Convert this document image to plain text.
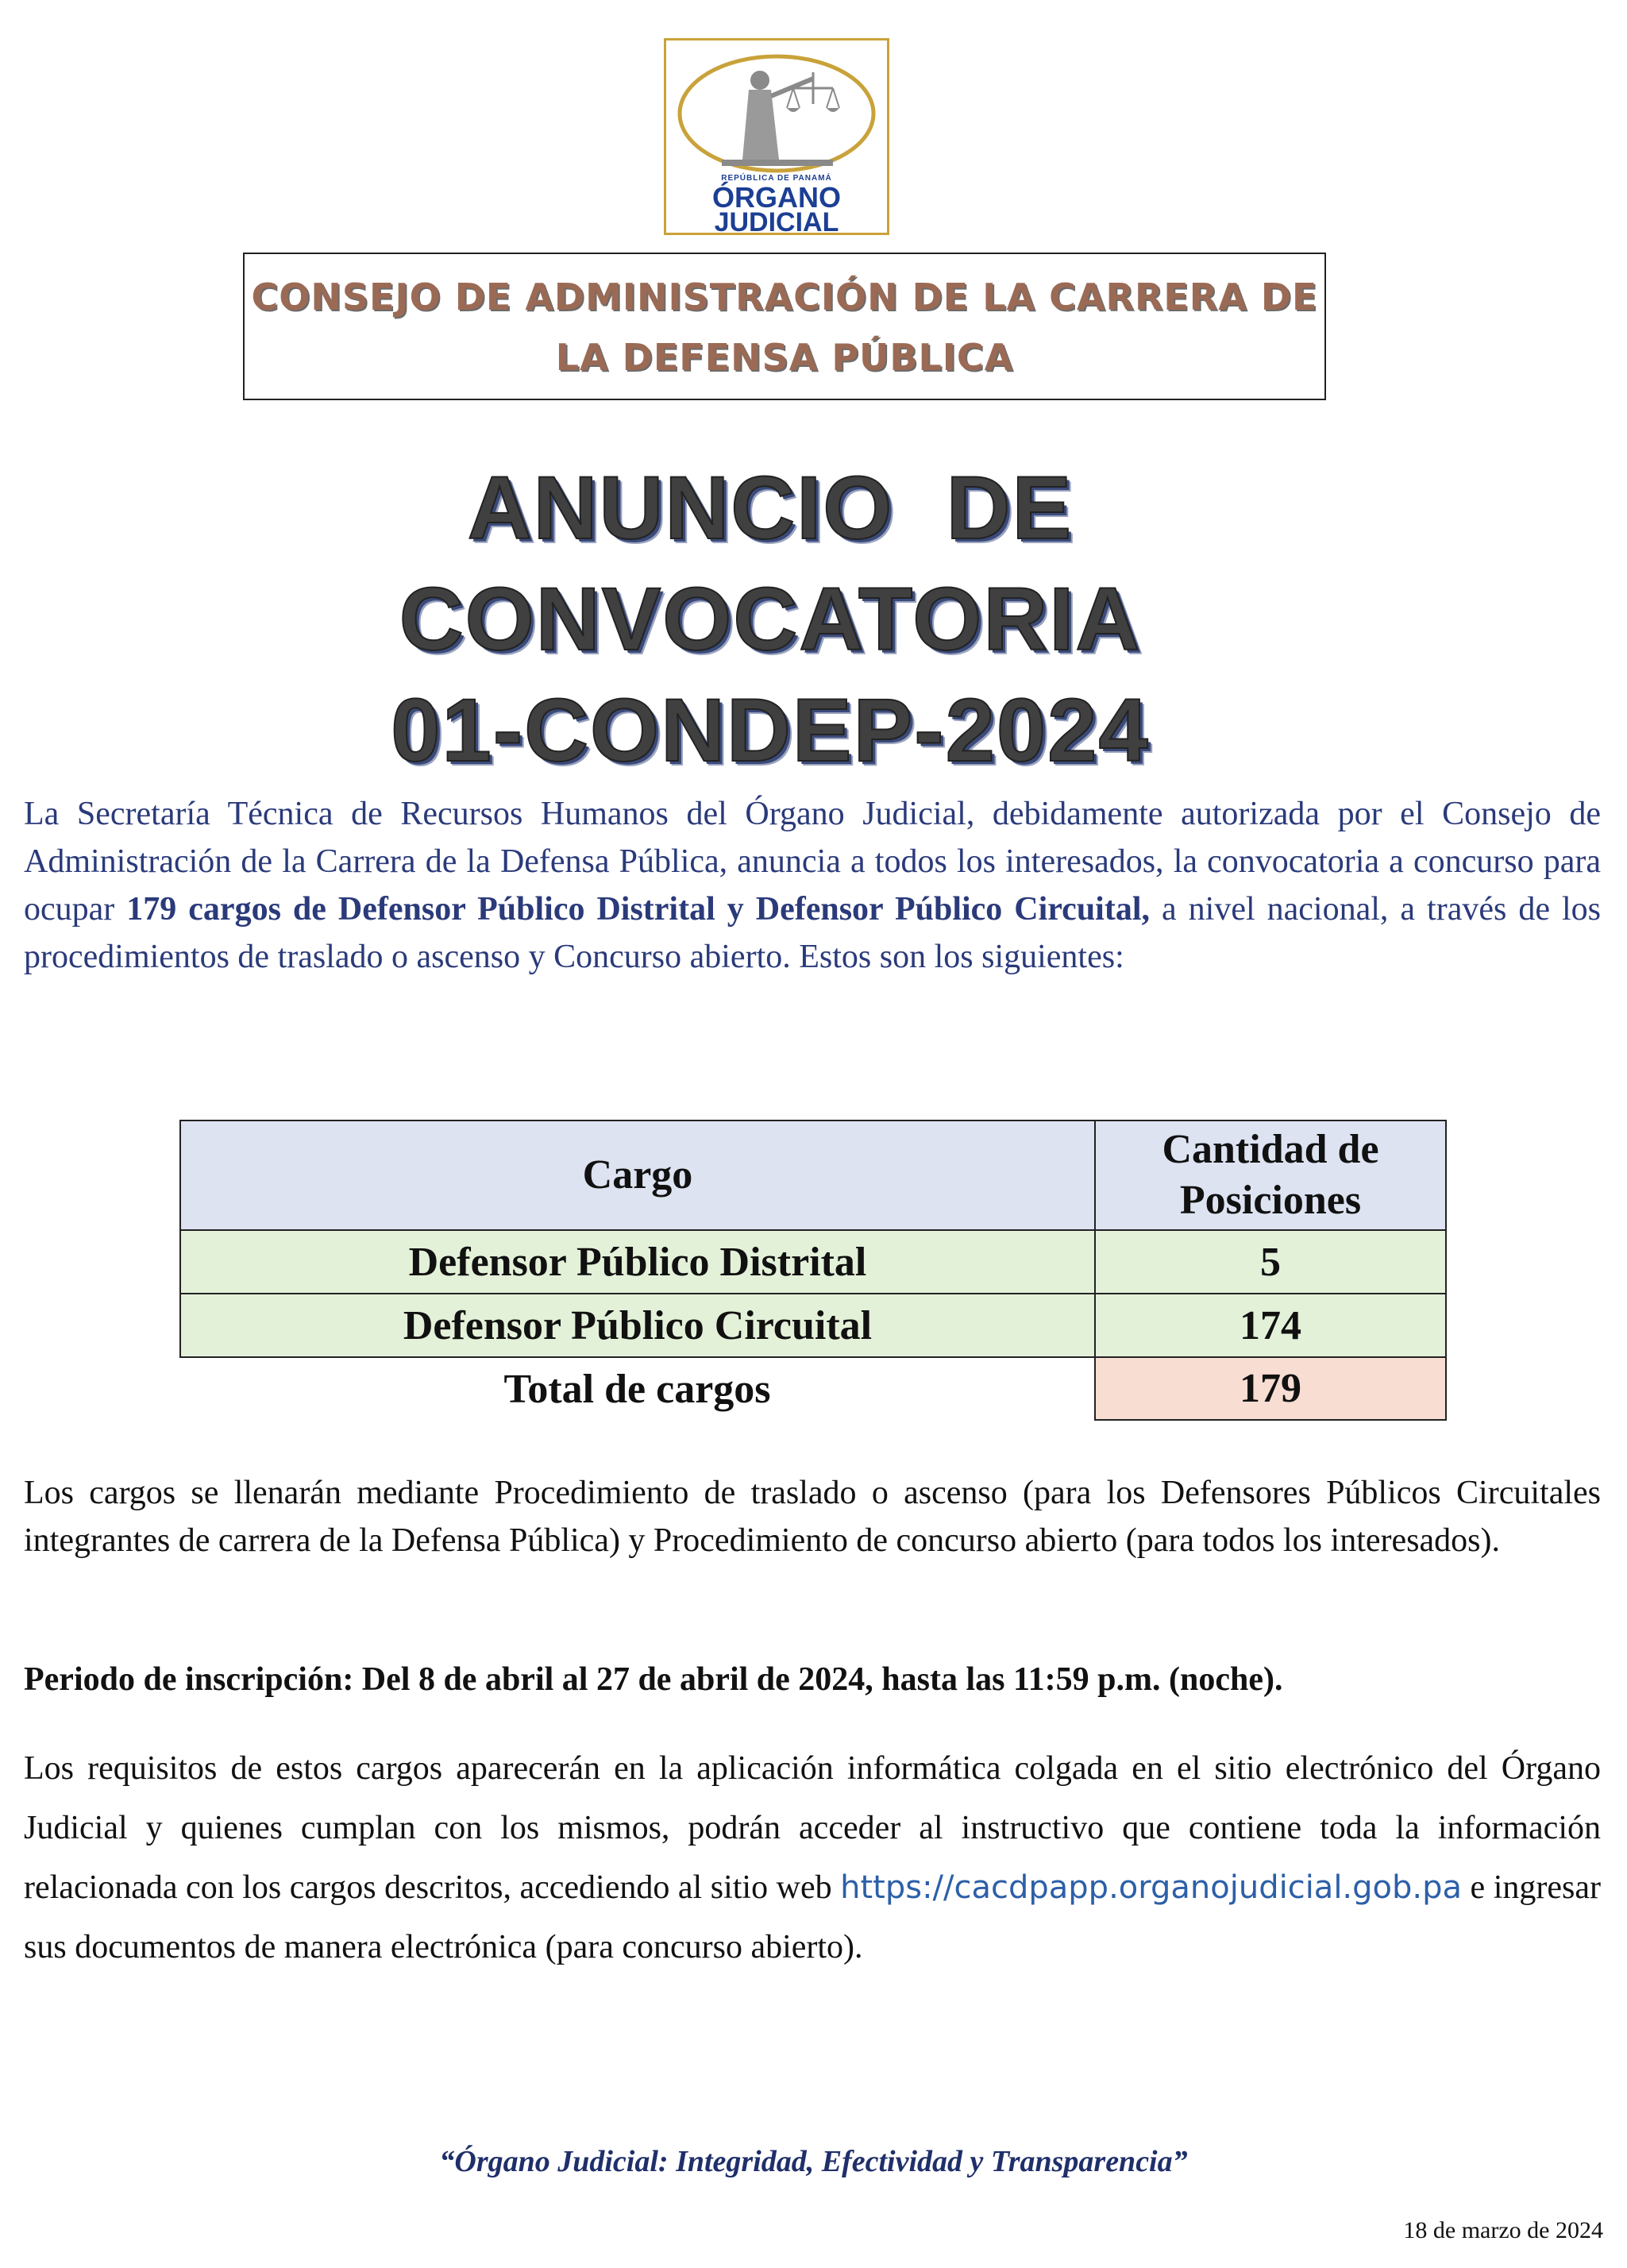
REPÚBLICA DE PANAMÁ
ÓRGANO
JUDICIAL
CONSEJO DE ADMINISTRACIÓN DE LA CARRERA DE
LA DEFENSA PÚBLICA
ANUNCIO  DE
CONVOCATORIA
01-CONDEP-2024
La Secretaría Técnica de Recursos Humanos del Órgano Judicial, debidamente autorizada por el Consejo de Administración de la Carrera de la Defensa Pública, anuncia a todos los interesados, la convocatoria a concurso para ocupar 179 cargos de Defensor Público Distrital y Defensor Público Circuital, a nivel nacional, a través de los procedimientos de traslado o ascenso y Concurso abierto. Estos son los siguientes:
Cargo	Cantidad de Posiciones

Defensor Público Distrital	5
Defensor Público Circuital	174
Total de cargos	179
Los cargos se llenarán mediante Procedimiento de traslado o ascenso (para los Defensores Públicos Circuitales integrantes de carrera de la Defensa Pública) y Procedimiento de concurso abierto (para todos los interesados).
Periodo de inscripción: Del 8 de abril al 27 de abril de 2024, hasta las 11:59 p.m. (noche).
Los requisitos de estos cargos aparecerán en la aplicación informática colgada en el sitio electrónico del Órgano Judicial y quienes cumplan con los mismos, podrán acceder al instructivo que contiene toda la información relacionada con los cargos descritos, accediendo al sitio web https://cacdpapp.organojudicial.gob.pa e ingresar sus documentos de manera electrónica (para concurso abierto).
“Órgano Judicial: Integridad, Efectividad y Transparencia”
18 de marzo de 2024
